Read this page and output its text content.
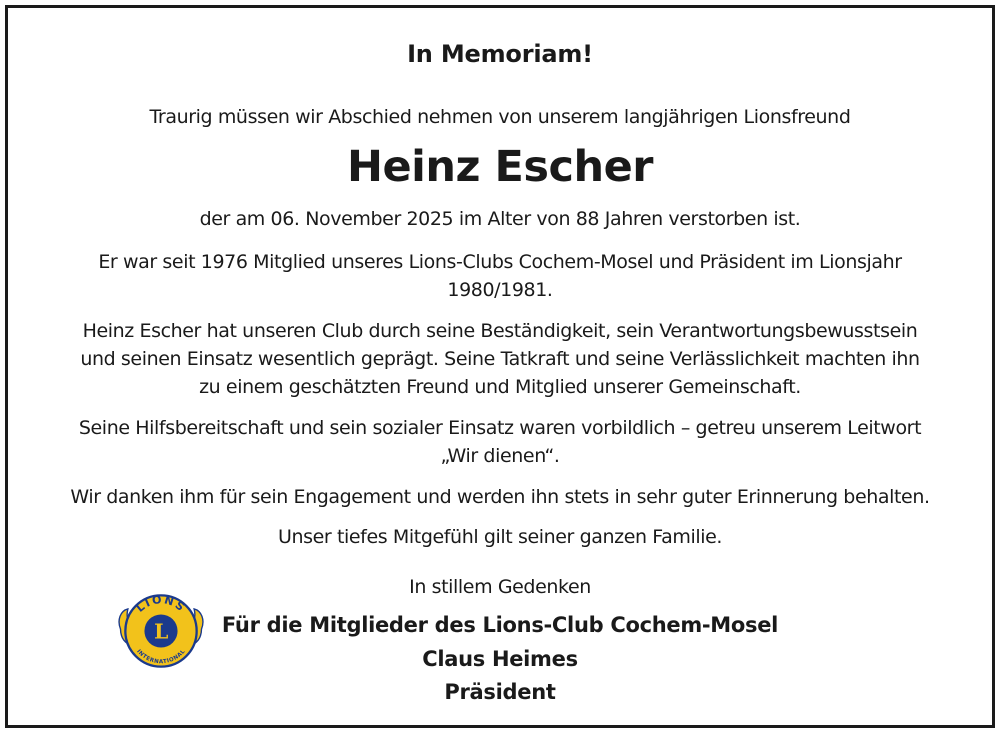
In Memoriam!
Traurig müssen wir Abschied nehmen von unserem langjährigen Lionsfreund
Heinz Escher
der am 06. November 2025 im Alter von 88 Jahren verstorben ist.
Er war seit 1976 Mitglied unseres Lions-Clubs Cochem-Mosel und Präsident im Lionsjahr
1980/1981.
Heinz Escher hat unseren Club durch seine Beständigkeit, sein Verantwortungsbewusstsein
und seinen Einsatz wesentlich geprägt. Seine Tatkraft und seine Verlässlichkeit machten ihn
zu einem geschätzten Freund und Mitglied unserer Gemeinschaft.
Seine Hilfsbereitschaft und sein sozialer Einsatz waren vorbildlich – getreu unserem Leitwort
„Wir dienen“.
Wir danken ihm für sein Engagement und werden ihn stets in sehr guter Erinnerung behalten.
Unser tiefes Mitgefühl gilt seiner ganzen Familie.
In stillem Gedenken
Für die Mitglieder des Lions-Club Cochem-Mosel
Claus Heimes
Präsident
LIONS
INTERNATIONAL
L
